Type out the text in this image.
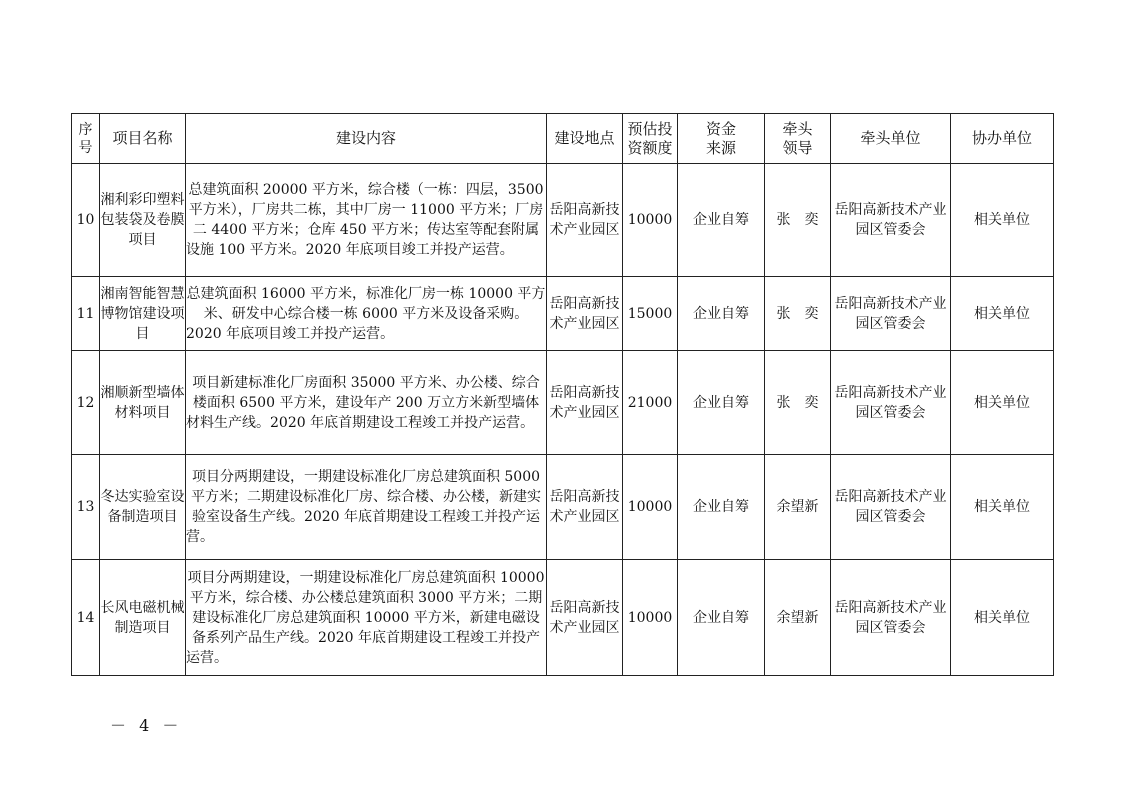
序号	项目名称	建设内容	建设地点	预估投资额度	资金来源	牵头领导	牵头单位	协办单位
10	湘利彩印塑料包装袋及卷膜项目	总建筑面积 20000 平方米，综合楼（一栋：四层，3500 平方米），厂房共二栋，其中厂房一 11000 平方米；厂房二 4400 平方米；仓库 450 平方米；传达室等配套附属设施 100 平方米。2020 年底项目竣工并投产运营。	岳阳高新技术产业园区	10000	企业自筹	张　奕	岳阳高新技术产业园区管委会	相关单位
11	湘南智能智慧博物馆建设项目	总建筑面积 16000 平方米，标准化厂房一栋 10000 平方米、研发中心综合楼一栋 6000 平方米及设备采购。2020 年底项目竣工并投产运营。	岳阳高新技术产业园区	15000	企业自筹	张　奕	岳阳高新技术产业园区管委会	相关单位
12	湘顺新型墙体材料项目	项目新建标准化厂房面积 35000 平方米、办公楼、综合楼面积 6500 平方米，建设年产 200 万立方米新型墙体材料生产线。2020 年底首期建设工程竣工并投产运营。	岳阳高新技术产业园区	21000	企业自筹	张　奕	岳阳高新技术产业园区管委会	相关单位
13	冬达实验室设备制造项目	项目分两期建设，一期建设标准化厂房总建筑面积 5000 平方米；二期建设标准化厂房、综合楼、办公楼，新建实验室设备生产线。2020 年底首期建设工程竣工并投产运营。	岳阳高新技术产业园区	10000	企业自筹	余望新	岳阳高新技术产业园区管委会	相关单位
14	长风电磁机械制造项目	项目分两期建设，一期建设标准化厂房总建筑面积 10000 平方米，综合楼、办公楼总建筑面积 3000 平方米；二期建设标准化厂房总建筑面积 10000 平方米，新建电磁设备系列产品生产线。2020 年底首期建设工程竣工并投产运营。	岳阳高新技术产业园区	10000	企业自筹	余望新	岳阳高新技术产业园区管委会	相关单位
－ 4 －
